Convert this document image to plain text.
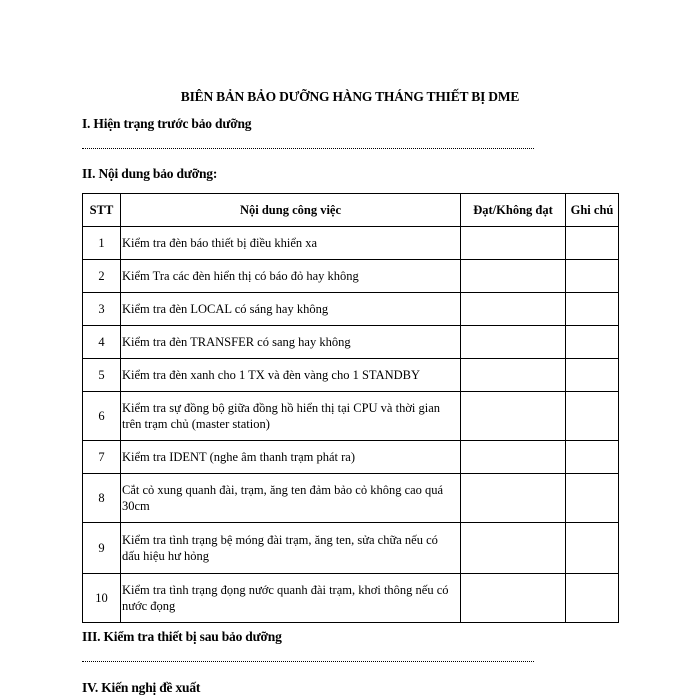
BIÊN BẢN BẢO DƯỠNG HÀNG THÁNG THIẾT BỊ DME
I. Hiện trạng trước bảo dưỡng
II. Nội dung bảo dưỡng:
STT	Nội dung công việc	Đạt/Không đạt	Ghi chú
1	Kiểm tra đèn báo thiết bị điều khiển xa		
2	Kiểm Tra các đèn hiển thị có báo đỏ hay không		
3	Kiểm tra đèn LOCAL có sáng hay không		
4	Kiểm tra đèn TRANSFER có sang hay không		
5	Kiểm tra đèn xanh cho 1 TX và đèn vàng cho 1 STANDBY		
6	Kiểm tra sự đồng bộ giữa đồng hồ hiển thị tại CPU và thời gian trên trạm chủ (master station)		
7	Kiểm tra IDENT (nghe âm thanh trạm phát ra)		
8	Cắt cỏ xung quanh đài, trạm, ăng ten đảm bảo cỏ không cao quá 30cm		
9	Kiểm tra tình trạng bệ móng đài trạm, ăng ten, sửa chữa nếu có dấu hiệu hư hỏng		
10	Kiểm tra tình trạng đọng nước quanh đài trạm, khơi thông nếu có nước đọng		
III. Kiểm tra thiết bị sau bảo dưỡng
IV. Kiến nghị đề xuất
